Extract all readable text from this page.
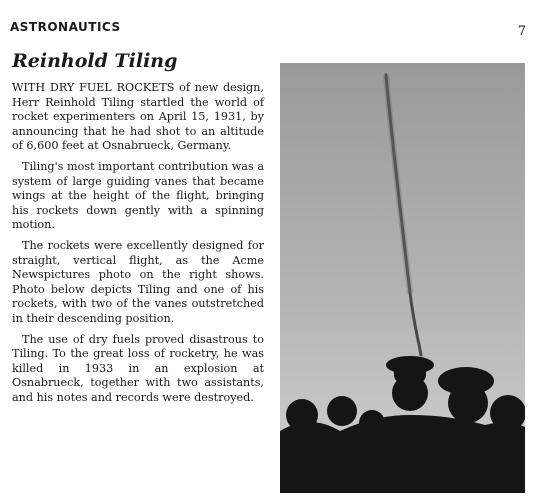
ASTRONAUTICS	7
Reinhold Tiling

WITH DRY FUEL ROCKETS of new design, Herr Reinhold Tiling startled the world of rocket experimenters on April 15, 1931, by announcing that he had shot to an altitude of 6,600 feet at Osnabrueck, Germany.

Tiling's most important contribution was a system of large guiding vanes that became wings at the height of the flight, bringing his rockets down gently with a spinning motion.

The rockets were excellently designed for straight, vertical flight, as the Acme Newspictures photo on the right shows. Photo below depicts Tiling and one of his rockets, with two of the vanes outstretched in their descending position.

The use of dry fuels proved disastrous to Tiling. To the great loss of rocketry, he was killed in 1933 in an explosion at Osnabrueck, together with two assistants, and his notes and records were destroyed.
